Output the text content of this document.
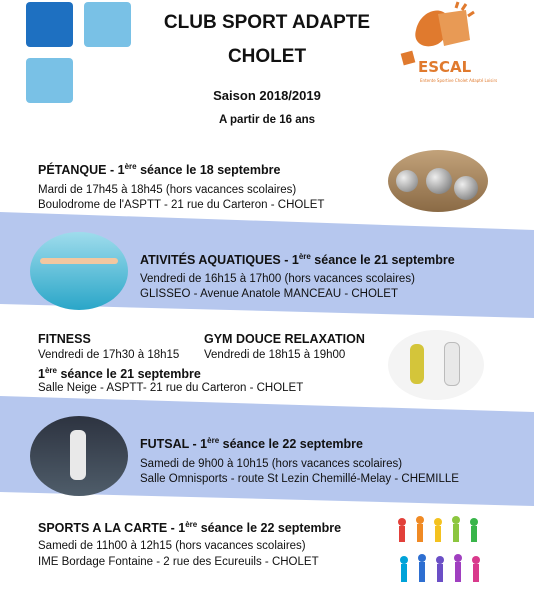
CLUB SPORT ADAPTE
CHOLET
Saison 2018/2019
A partir de 16 ans
ESCAL
Entente Sportive Cholet Adapté Loisirs
PÉTANQUE - 1ère séance le 18 septembre
Mardi de 17h45 à 18h45 (hors vacances scolaires)
Boulodrome de l'ASPTT - 21 rue du Carteron - CHOLET
ATIVITÉS AQUATIQUES - 1ère séance le 21 septembre
Vendredi de 16h15 à 17h00 (hors vacances scolaires)
GLISSEO - Avenue Anatole MANCEAU - CHOLET
FITNESS
Vendredi de 17h30 à 18h15
GYM DOUCE RELAXATION
Vendredi de 18h15 à 19h00
1ère séance le 21 septembre
Salle Neige - ASPTT- 21 rue du Carteron - CHOLET
FUTSAL - 1ère séance le 22 septembre
Samedi de 9h00 à 10h15 (hors vacances scolaires)
Salle Omnisports - route St Lezin Chemillé-Melay - CHEMILLE
SPORTS A LA CARTE - 1ère séance le 22 septembre
Samedi de 11h00 à 12h15 (hors vacances scolaires)
IME Bordage Fontaine - 2 rue des Ecureuils - CHOLET
